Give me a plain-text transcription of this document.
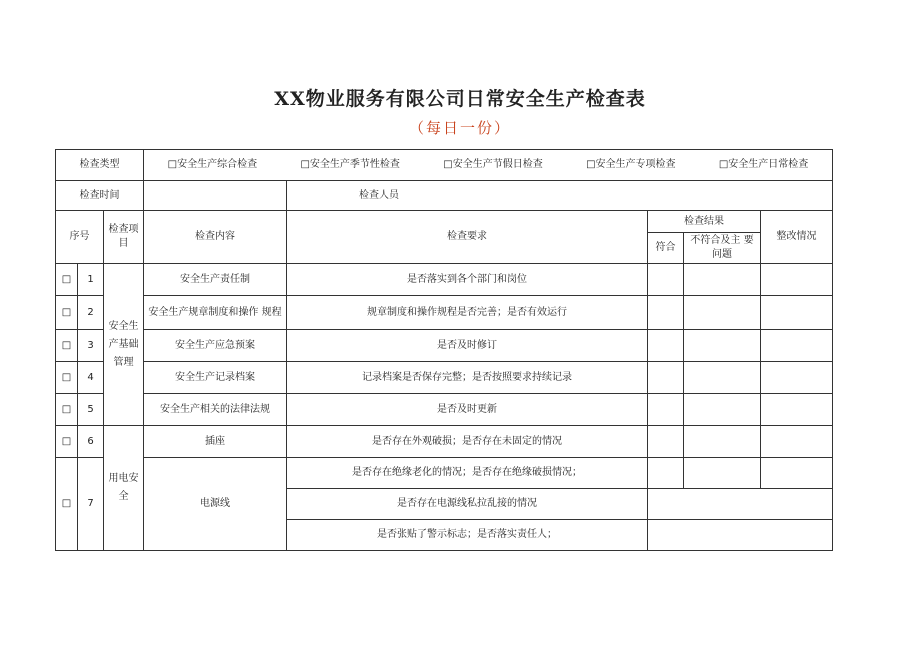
XX物业服务有限公司日常安全生产检查表
（每日一份）
检查类型			□安全生产综合检查 □安全生产季节性检查 □安全生产节假日检查 □安全生产专项检查 □安全生产日常检查				

检查时间				检查人员			
序号		检查项目	检查内容	检查要求	检查结果		整改情况
					符合	不符合及主 要问题	
□	1	安全生产基础管理	安全生产责任制	是否落实到各个部门和岗位			
□	2		安全生产规章制度和操作 规程	规章制度和操作规程是否完善；是否有效运行			
□	3		安全生产应急预案	是否及时修订			
□	4		安全生产记录档案	记录档案是否保存完整；是否按照要求持续记录			
□	5		安全生产相关的法律法规	是否及时更新			
□	6	用电安全	插座	是否存在外观破损；是否存在未固定的情况			
□	7		电源线	是否存在绝缘老化的情况；是否存在绝缘破损情况；			
				是否存在电源线私拉乱接的情况			
				是否张贴了警示标志；是否落实责任人；			
